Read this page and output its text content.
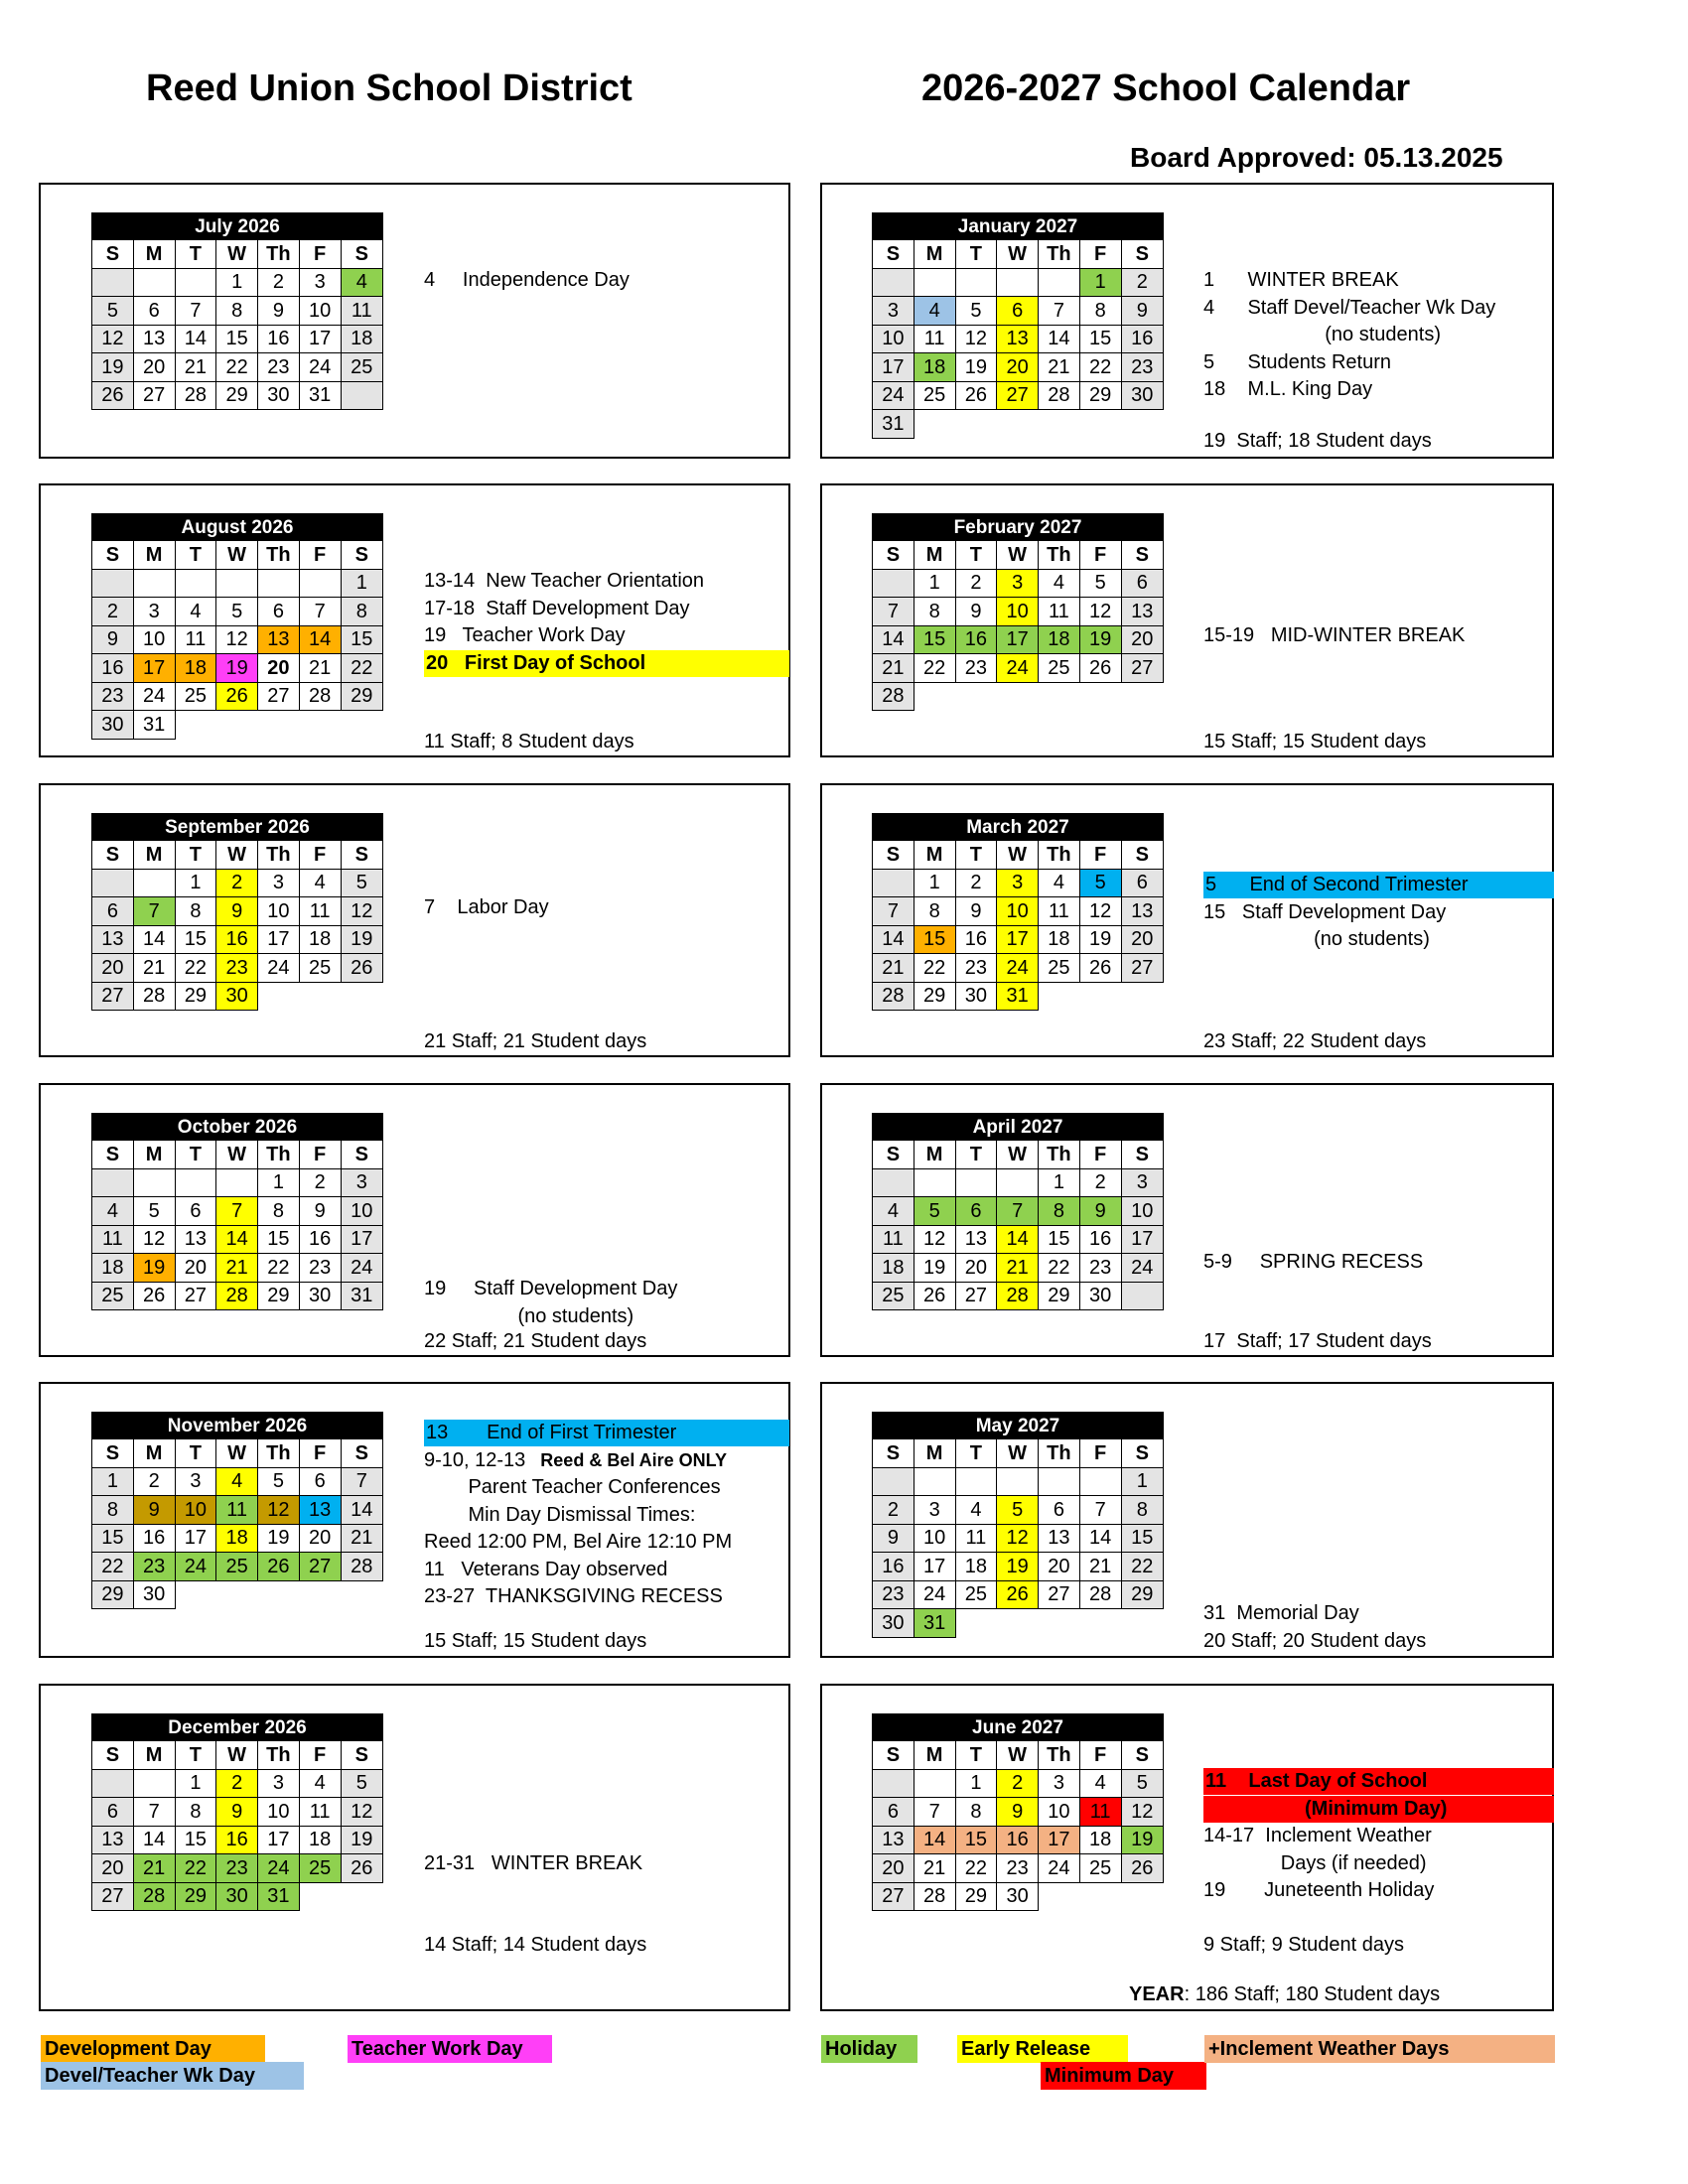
Reed Union School District	2026-2027 School Calendar
Board Approved: 05.13.2025
July 2026						
S	M	T	W	Th	F	S
			1	2	3	4
5	6	7	8	9	10	11
12	13	14	15	16	17	18
19	20	21	22	23	24	25
26	27	28	29	30	31	
4     Independence Day
August 2026						
S	M	T	W	Th	F	S
						1
2	3	4	5	6	7	8
9	10	11	12	13	14	15
16	17	18	19	20	21	22
23	24	25	26	27	28	29
30	31					
13-14  New Teacher Orientation
17-18  Staff Development Day
19   Teacher Work Day
20   First Day of School
11 Staff; 8 Student days
September 2026						
S	M	T	W	Th	F	S
		1	2	3	4	5
6	7	8	9	10	11	12
13	14	15	16	17	18	19
20	21	22	23	24	25	26
27	28	29	30			
7    Labor Day
21 Staff; 21 Student days
October 2026						
S	M	T	W	Th	F	S
				1	2	3
4	5	6	7	8	9	10
11	12	13	14	15	16	17
18	19	20	21	22	23	24
25	26	27	28	29	30	31	19     Staff Development Day
(no students)
22 Staff; 21 Student days
November 2026						
S	M	T	W	Th	F	S
1	2	3	4	5	6	7
8	9	10	11	12	13	14
15	16	17	18	19	20	21
22	23	24	25	26	27	28
29	30					
13       End of First Trimester
9-10, 12-13   Reed & Bel Aire ONLY
Parent Teacher Conferences
Min Day Dismissal Times:
Reed 12:00 PM, Bel Aire 12:10 PM
11   Veterans Day observed
23-27  THANKSGIVING RECESS
15 Staff; 15 Student days
December 2026						
S	M	T	W	Th	F	S
		1	2	3	4	5
6	7	8	9	10	11	12
13	14	15	16	17	18	19
20	21	22	23	24	25	26
27	28	29	30	31		
21-31   WINTER BREAK
14 Staff; 14 Student days
January 2027						
S	M	T	W	Th	F	S
					1	2
3	4	5	6	7	8	9
10	11	12	13	14	15	16
17	18	19	20	21	22	23
24	25	26	27	28	29	30
31						
1      WINTER BREAK
4      Staff Devel/Teacher Wk Day
(no students)
5      Students Return
18    M.L. King Day
19  Staff; 18 Student days
February 2027						
S	M	T	W	Th	F	S
	1	2	3	4	5	6
7	8	9	10	11	12	13
14	15	16	17	18	19	20
21	22	23	24	25	26	27
28						
15-19   MID-WINTER BREAK
15 Staff; 15 Student days
March 2027						
S	M	T	W	Th	F	S
	1	2	3	4	5	6
7	8	9	10	11	12	13
14	15	16	17	18	19	20
21	22	23	24	25	26	27
28	29	30	31			
5      End of Second Trimester
15   Staff Development Day
(no students)
23 Staff; 22 Student days
April 2027						
S	M	T	W	Th	F	S
				1	2	3
4	5	6	7	8	9	10
11	12	13	14	15	16	17
18	19	20	21	22	23	24
25	26	27	28	29	30	
5-9     SPRING RECESS
17  Staff; 17 Student days
May 2027						
S	M	T	W	Th	F	S
						1
2	3	4	5	6	7	8
9	10	11	12	13	14	15
16	17	18	19	20	21	22
23	24	25	26	27	28	29
30	31						31  Memorial Day
20 Staff; 20 Student days
June 2027						
S	M	T	W	Th	F	S
		1	2	3	4	5
6	7	8	9	10	11	12
13	14	15	16	17	18	19
20	21	22	23	24	25	26
27	28	29	30			
11    Last Day of School
(Minimum Day)
14-17  Inclement Weather
Days (if needed)
19       Juneteenth Holiday
9 Staff; 9 Student days
YEAR: 186 Staff; 180 Student days
Development Day
Devel/Teacher Wk Day
Teacher Work Day	Holiday	Early Release
Minimum Day
+Inclement Weather Days
